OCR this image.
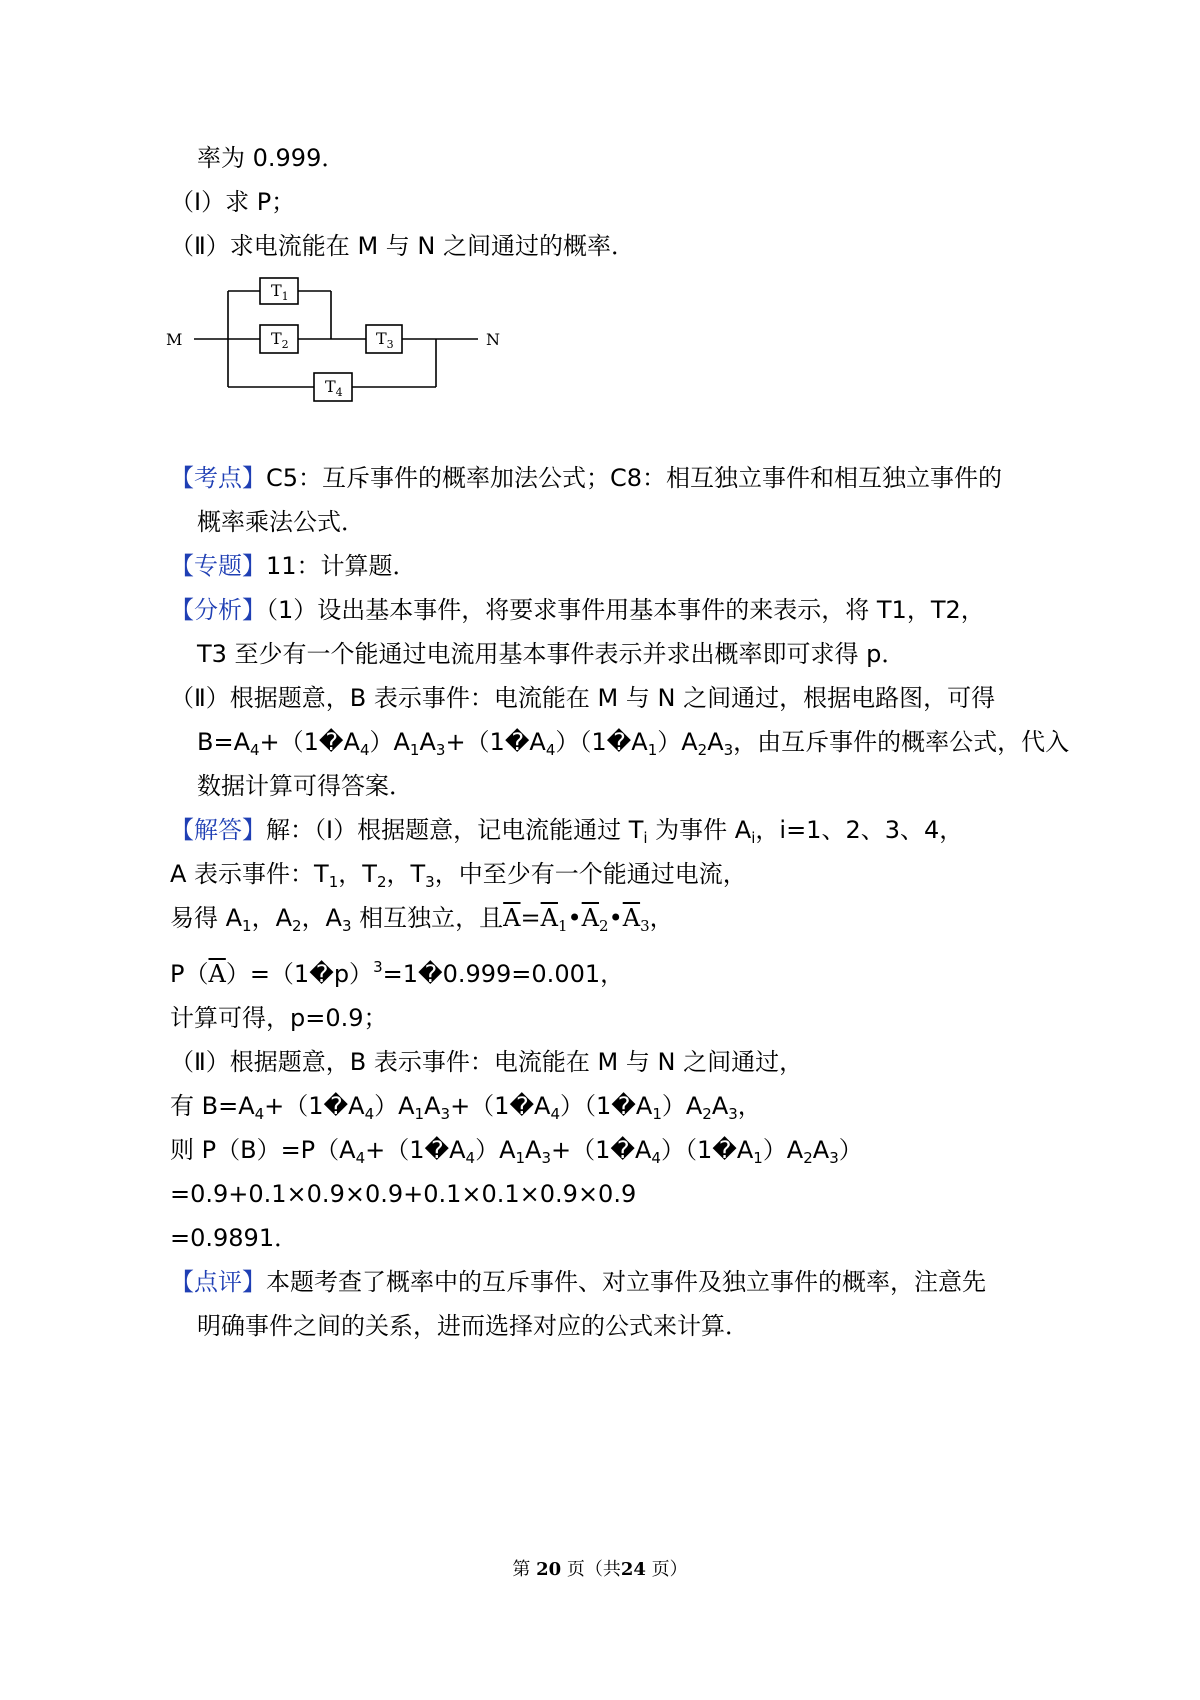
率为 0.999．
（Ⅰ）求 P；
（Ⅱ）求电流能在 M 与 N 之间通过的概率．
M	N
$T_1$
$T_2$	$T_3$
$T_4$
【考点】C5：互斥事件的概率加法公式；C8：相互独立事件和相互独立事件的
概率乘法公式．
【专题】11：计算题．
【分析】（1）设出基本事件，将要求事件用基本事件的来表示，将 T1，T2，
T3 至少有一个能通过电流用基本事件表示并求出概率即可求得 p．
（Ⅱ）根据题意，B 表示事件：电流能在 M 与 N 之间通过，根据电路图，可得
$B=A_4+(1�A_4)A_1A_3+(1�A_4)(1�A_1)A_2A_3$，由互斥事件的概率公式，代入
数据计算可得答案．
【解答】解：（Ⅰ）根据题意，记电流能通过 $T_i$ 为事件 $A_i$，i=1、2、3、4，
A 表示事件：$T_1$，$T_2$，$T_3$，中至少有一个能通过电流，
易得 $A_1$，$A_2$，$A_3$ 相互独立，且$\overline{A}=\overline{A}_1•\overline{A}_2•\overline{A}_3$，
$P(\overline{A})=(1�p)^3=1�0.999=0.001$，
计算可得，p=0.9；
（Ⅱ）根据题意，B 表示事件：电流能在 M 与 N 之间通过，
有 $B=A_4+(1�A_4)A_1A_3+(1�A_4)(1�A_1)A_2A_3$，
则 $P(B)=P(A_4+(1�A_4)A_1A_3+(1�A_4)(1�A_1)A_2A_3)$
=0.9+0.1×0.9×0.9+0.1×0.1×0.9×0.9
=0.9891．
【点评】本题考查了概率中的互斥事件、对立事件及独立事件的概率，注意先
明确事件之间的关系，进而选择对应的公式来计算．
第 20 页（共24 页）
